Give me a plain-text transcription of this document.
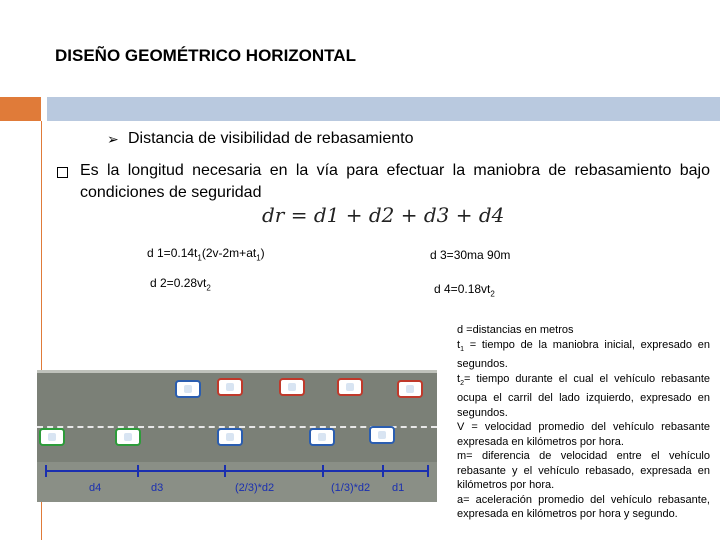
DISEÑO GEOMÉTRICO HORIZONTAL
➢ Distancia de visibilidad de rebasamiento
Es la longitud necesaria en la vía para efectuar la maniobra de rebasamiento bajo condiciones de seguridad
dr = d1 + d2 + d3 + d4
d $1=0.14t_1(2v-2m+at_1)$
d $2=0.28vt_2$
d 3=30ma 90m
d $4=0.18vt_2$
d4	d3	(2/3)*d2	(1/3)*d2 d1
d =distancias en metros
$t_1$ = tiempo de la maniobra inicial, expresado en segundos.
$t_2=$ tiempo durante el cual el vehículo rebasante ocupa el carril del lado izquierdo, expresado en segundos.
V = velocidad promedio del vehículo rebasante expresada en kilómetros por hora.
m= diferencia de velocidad entre el vehículo rebasante y el vehículo rebasado, expresada en kilómetros por hora.
a= aceleración promedio del vehículo rebasante, expresada en kilómetros por hora y segundo.
